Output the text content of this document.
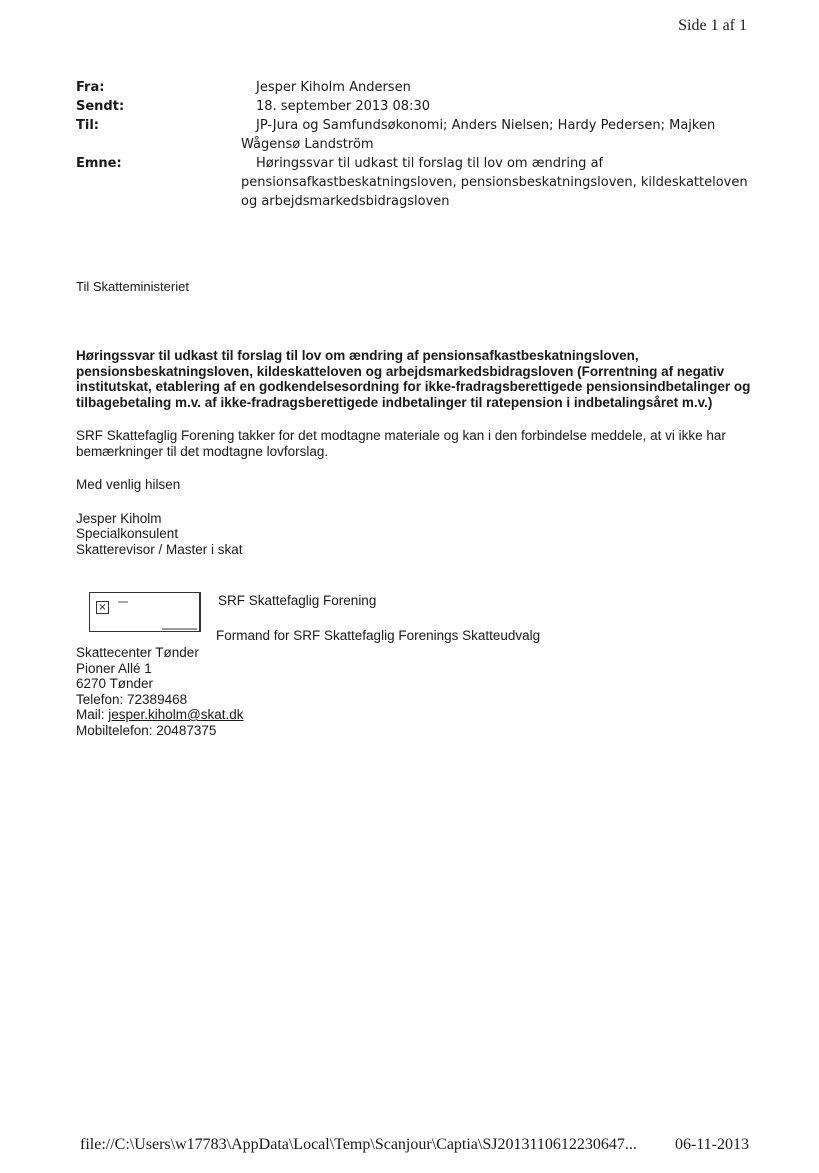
Side 1 af 1
Fra:	Jesper Kiholm Andersen
Sendt:	18. september 2013 08:30
Til:	JP-Jura og Samfundsøkonomi; Anders Nielsen; Hardy Pedersen; Majken Wågensø Landström
Emne:	Høringssvar til udkast til forslag til lov om ændring af pensionsafkastbeskatningsloven, pensionsbeskatningsloven, kildeskatteloven og arbejdsmarkedsbidragsloven
Til Skatteministeriet

Høringssvar til udkast til forslag til lov om ændring af pensionsafkastbeskatningsloven, pensionsbeskatningsloven, kildeskatteloven og arbejdsmarkedsbidragsloven (Forrentning af negativ institutskat, etablering af en godkendelsesordning for ikke-fradragsberettigede pensionsindbetalinger og tilbagebetaling m.v. af ikke-fradragsberettigede indbetalinger til ratepension i indbetalingsåret m.v.)

SRF Skattefaglig Forening takker for det modtagne materiale og kan i den forbindelse meddele, at vi ikke har bemærkninger til det modtagne lovforslag.

Med venlig hilsen

Jesper Kiholm

Specialkonsulent

Skatterevisor / Master i skat

×	SRF Skattefaglig Forening
Formand for SRF Skattefaglig Forenings Skatteudvalg

Skattecenter Tønder

Pioner Allé 1

6270 Tønder

Telefon: 72389468

Mail: jesper.kiholm@skat.dk

Mobiltelefon: 20487375

file://C:\Users\w17783\AppData\Local\Temp\Scanjour\Captia\SJ2013110612230647... 06-11-2013
